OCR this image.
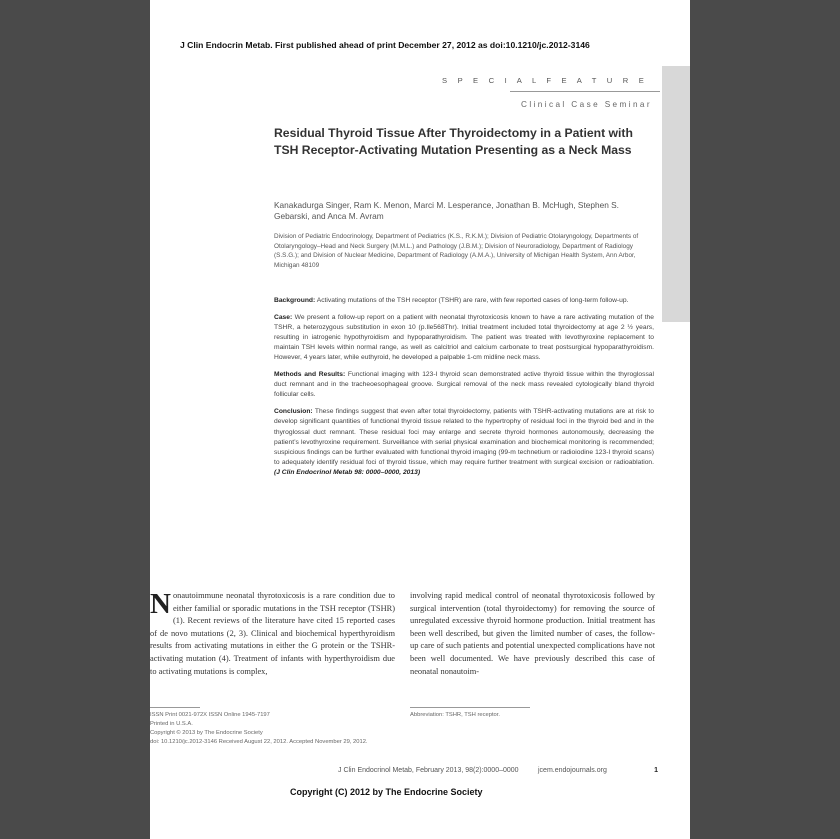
J Clin Endocrin Metab. First published ahead of print December 27, 2012 as doi:10.1210/jc.2012-3146
S P E C I A L F E A T U R E
Clinical Case Seminar
Residual Thyroid Tissue After Thyroidectomy in a Patient with TSH Receptor-Activating Mutation Presenting as a Neck Mass
Kanakadurga Singer, Ram K. Menon, Marci M. Lesperance, Jonathan B. McHugh, Stephen S. Gebarski, and Anca M. Avram
Division of Pediatric Endocrinology, Department of Pediatrics (K.S., R.K.M.); Division of Pediatric Otolaryngology, Departments of Otolaryngology–Head and Neck Surgery (M.M.L.) and Pathology (J.B.M.); Division of Neuroradiology, Department of Radiology (S.S.G.); and Division of Nuclear Medicine, Department of Radiology (A.M.A.), University of Michigan Health System, Ann Arbor, Michigan 48109

Background: Activating mutations of the TSH receptor (TSHR) are rare, with few reported cases of long-term follow-up.

Case: We present a follow-up report on a patient with neonatal thyrotoxicosis known to have a rare activating mutation of the TSHR, a heterozygous substitution in exon 10 (p.Ile568Thr). Initial treatment included total thyroidectomy at age 2 ½ years, resulting in iatrogenic hypothyroidism and hypoparathyroidism. The patient was treated with levothyroxine replacement to maintain TSH levels within normal range, as well as calcitriol and calcium carbonate to treat postsurgical hypoparathyroidism. However, 4 years later, while euthyroid, he developed a palpable 1-cm midline neck mass.

Methods and Results: Functional imaging with 123-I thyroid scan demonstrated active thyroid tissue within the thyroglossal duct remnant and in the tracheoesophageal groove. Surgical removal of the neck mass revealed cytologically bland thyroid follicular cells.

Conclusion: These findings suggest that even after total thyroidectomy, patients with TSHR-activating mutations are at risk to develop significant quantities of functional thyroid tissue related to the hypertrophy of residual foci in the thyroid bed and in the thyroglossal duct remnant. These residual foci may enlarge and secrete thyroid hormones autonomously, decreasing the patient’s levothyroxine requirement. Surveillance with serial physical examination and biochemical monitoring is recommended; suspicious findings can be further evaluated with functional thyroid imaging (99-m technetium or radioiodine 123-I thyroid scans) to adequately identify residual foci of thyroid tissue, which may require further treatment with surgical excision or radioablation. (J Clin Endocrinol Metab 98: 0000–0000, 2013)

Nonautoimmune neonatal thyrotoxicosis is a rare condition due to either familial or sporadic mutations in the TSH receptor (TSHR) (1). Recent reviews of the literature have cited 15 reported cases of de novo mutations (2, 3). Clinical and biochemical hyperthyroidism results from activating mutations in either the G protein or the TSHR-activating mutation (4). Treatment of infants with hyperthyroidism due to activating mutations is complex,
involving rapid medical control of neonatal thyrotoxicosis followed by surgical intervention (total thyroidectomy) for removing the source of unregulated excessive thyroid hormone production. Initial treatment has been well described, but given the limited number of cases, the follow-up care of such patients and potential unexpected complications have not been well documented. We have previously described this case of neonatal nonautoim-
ISSN Print 0021-972X ISSN Online 1945-7197
Printed in U.S.A.
Copyright © 2013 by The Endocrine Society
doi: 10.1210/jc.2012-3146 Received August 22, 2012. Accepted November 29, 2012.
Abbreviation: TSHR, TSH receptor.
J Clin Endocrinol Metab, February 2013, 98(2):0000–0000	jcem.endojournals.org	1
Copyright (C) 2012 by The Endocrine Society
